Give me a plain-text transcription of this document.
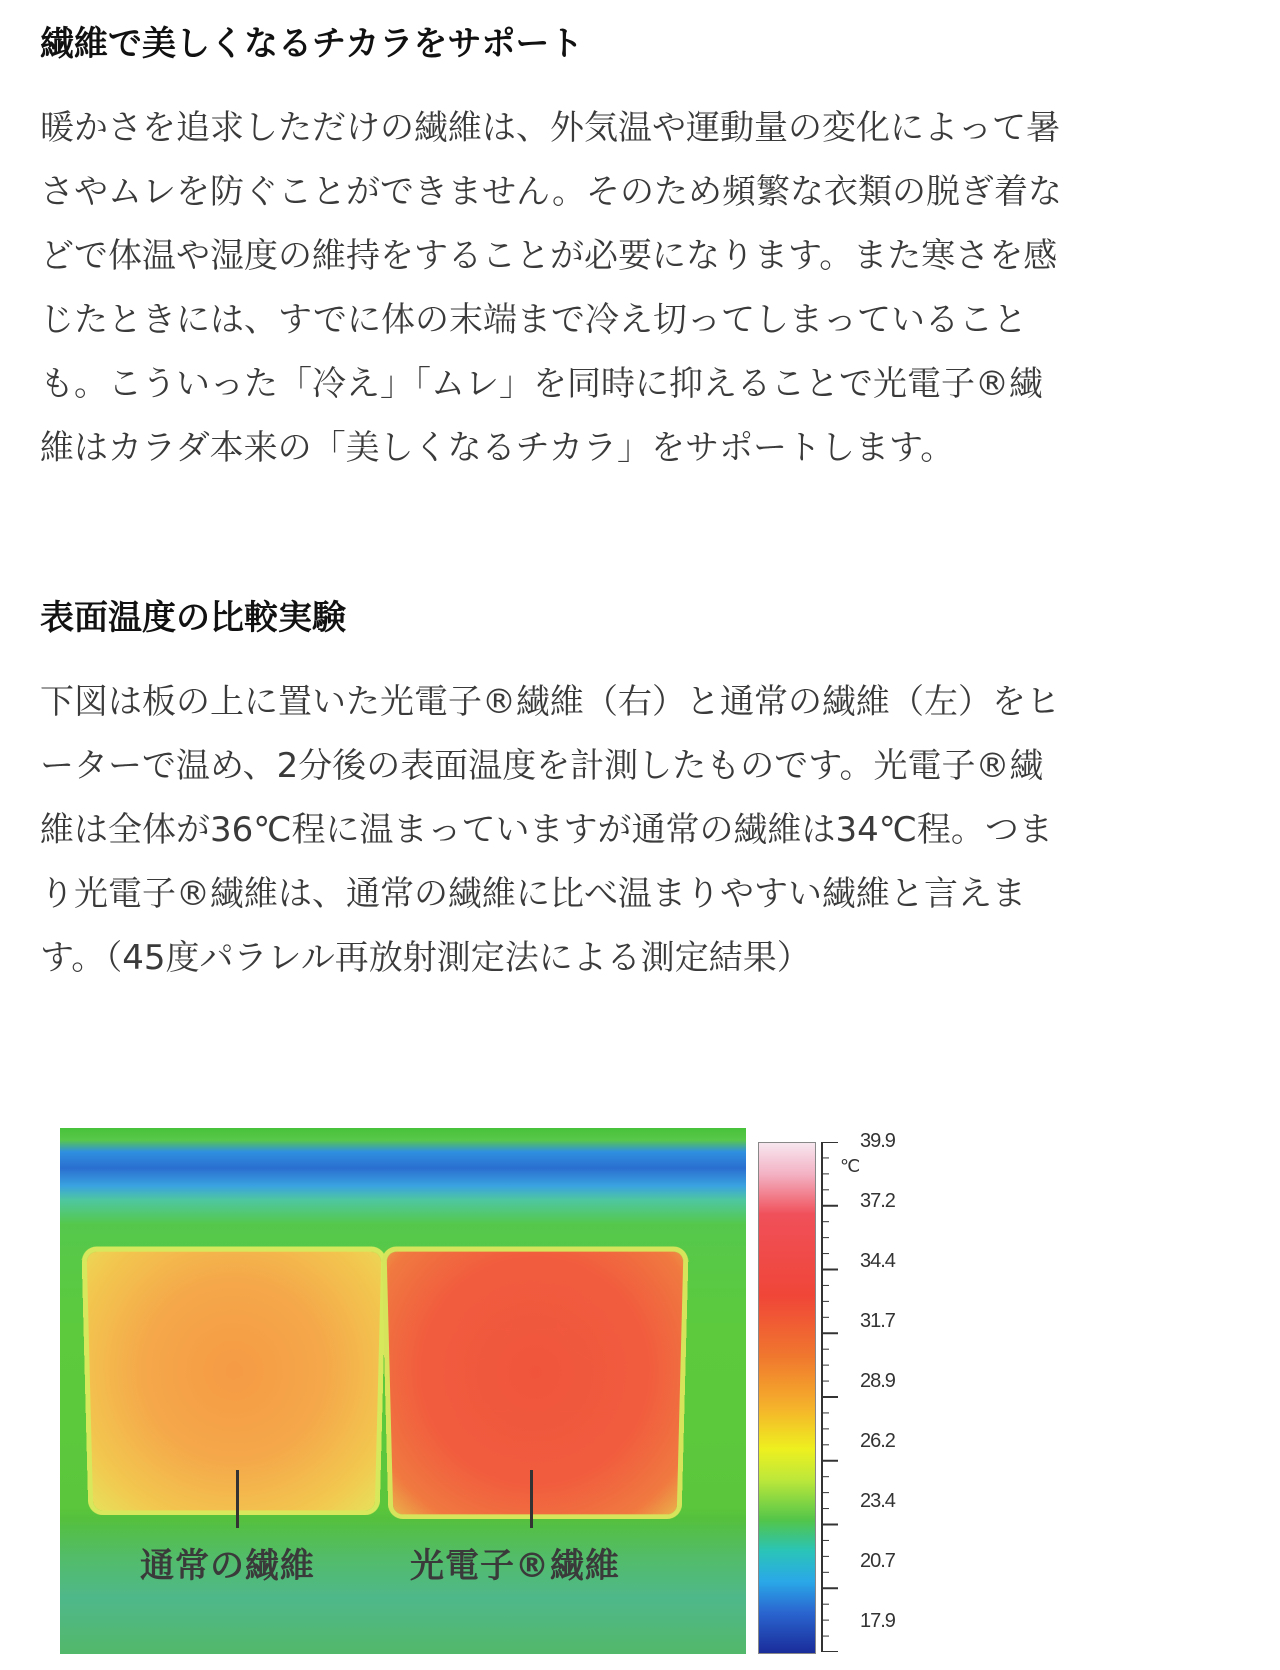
繊維で美しくなるチカラをサポート
暖かさを追求しただけの繊維は、外気温や運動量の変化によって暑
さやムレを防ぐことができません。そのため頻繁な衣類の脱ぎ着な
どで体温や湿度の維持をすることが必要になります。また寒さを感
じたときには、すでに体の末端まで冷え切ってしまっていること
も。こういった「冷え」「ムレ」を同時に抑えることで光電子®繊
維はカラダ本来の「美しくなるチカラ」をサポートします。
表面温度の比較実験
下図は板の上に置いた光電子®繊維（右）と通常の繊維（左）をヒ
ーターで温め、2分後の表面温度を計測したものです。光電子®繊
維は全体が36℃程に温まっていますが通常の繊維は34℃程。つま
り光電子®繊維は、通常の繊維に比べ温まりやすい繊維と言えま
す。（45度パラレル再放射測定法による測定結果）
通常の繊維	光電子®繊維
℃
39.9
37.2
34.4
31.7
28.9
26.2
23.4
20.7
17.9
